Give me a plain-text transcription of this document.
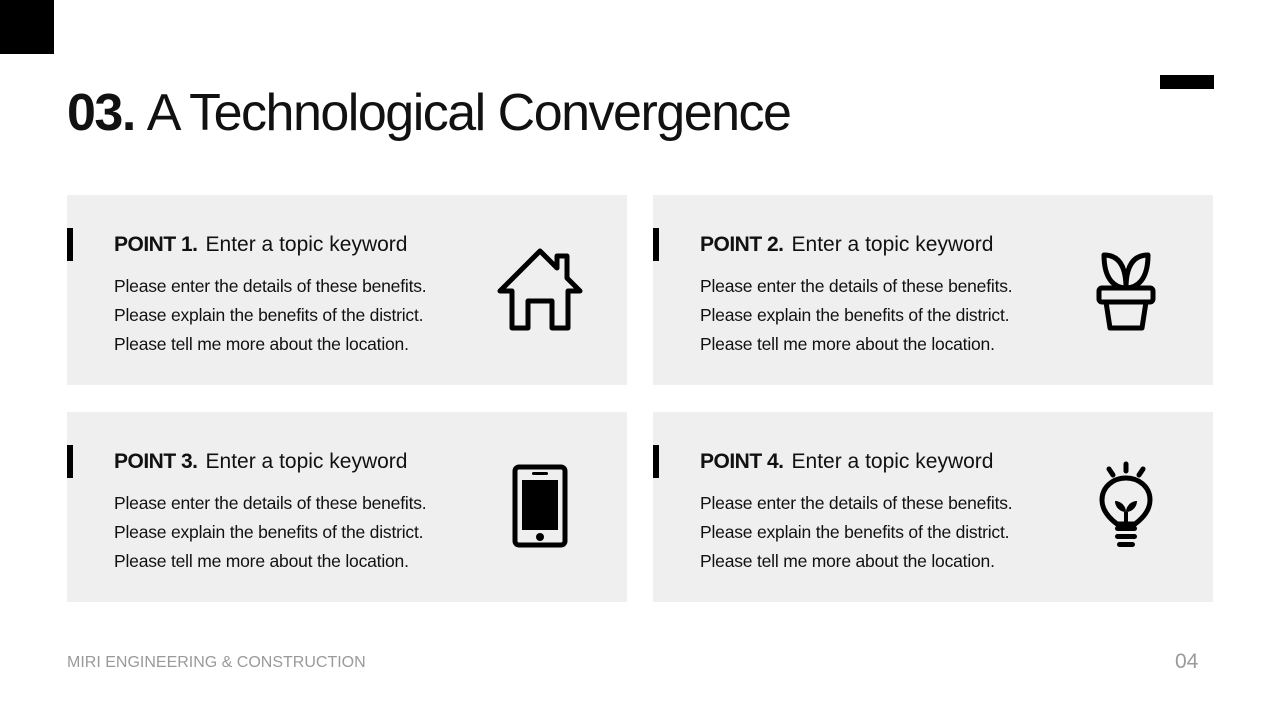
03. A Technological Convergence
POINT 1. Enter a topic keyword
Please enter the details of these benefits.
Please explain the benefits of the district.
Please tell me more about the location.
POINT 2. Enter a topic keyword
Please enter the details of these benefits.
Please explain the benefits of the district.
Please tell me more about the location.
POINT 3. Enter a topic keyword
Please enter the details of these benefits.
Please explain the benefits of the district.
Please tell me more about the location.
POINT 4. Enter a topic keyword
Please enter the details of these benefits.
Please explain the benefits of the district.
Please tell me more about the location.
MIRI ENGINEERING & CONSTRUCTION	04
